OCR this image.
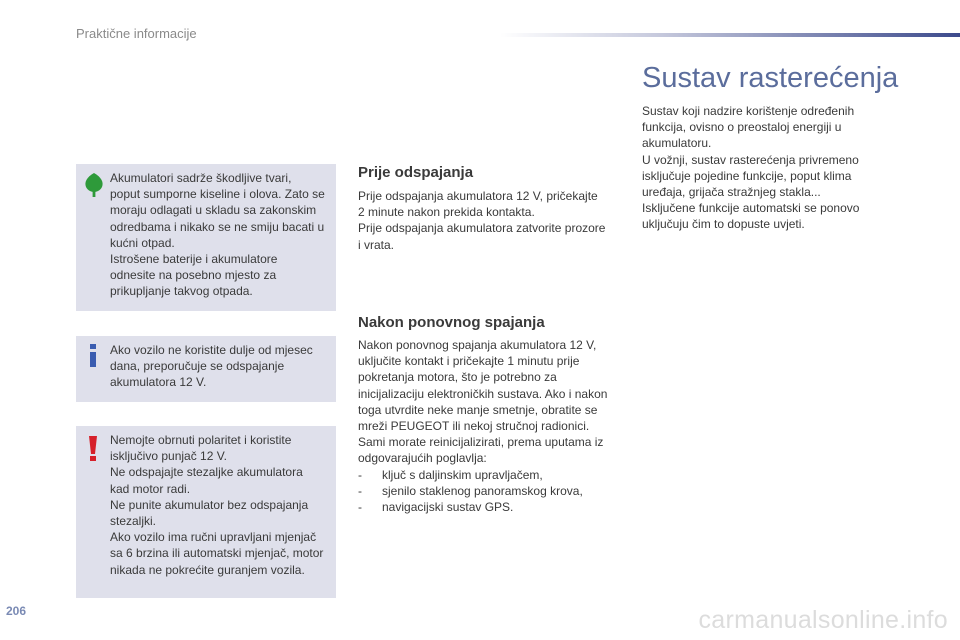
Praktične informacije

Akumulatori sadrže škodljive tvari,

poput sumporne kiseline i olova. Zato se

moraju odlagati u skladu sa zakonskim

odredbama i nikako se ne smiju bacati u

kućni otpad.

Istrošene baterije i akumulatore

odnesite na posebno mjesto za

prikupljanje takvog otpada.

Ako vozilo ne koristite dulje od mjesec

dana, preporučuje se odspajanje

akumulatora 12 V.

Nemojte obrnuti polaritet i koristite

isključivo punjač 12 V.

Ne odspajajte stezaljke akumulatora

kad motor radi.

Ne punite akumulator bez odspajanja

stezaljki.

Ako vozilo ima ručni upravljani mjenjač

sa 6 brzina ili automatski mjenjač, motor

nikada ne pokrećite guranjem vozila.

Prije odspajanja

Prije odspajanja akumulatora 12 V, pričekajte

2 minute nakon prekida kontakta.

Prije odspajanja akumulatora zatvorite prozore

i vrata.

Nakon ponovnog spajanja

Nakon ponovnog spajanja akumulatora 12 V,

uključite kontakt i pričekajte 1 minutu prije

pokretanja motora, što je potrebno za

inicijalizaciju elektroničkih sustava. Ako i nakon

toga utvrdite neke manje smetnje, obratite se

mreži PEUGEOT ili nekoj stručnoj radionici.

Sami morate reinicijalizirati, prema uputama iz

odgovarajućih poglavlja:

- ključ s daljinskim upravljačem,
- sjenilo staklenog panoramskog krova,
- navigacijski sustav GPS.
Sustav rasterećenja

Sustav koji nadzire korištenje određenih

funkcija, ovisno o preostaloj energiji u

akumulatoru.

U vožnji, sustav rasterećenja privremeno

isključuje pojedine funkcije, poput klima

uređaja, grijača stražnjeg stakla...

Isključene funkcije automatski se ponovo

uključuju čim to dopuste uvjeti.

206	carmanualsonline.info
